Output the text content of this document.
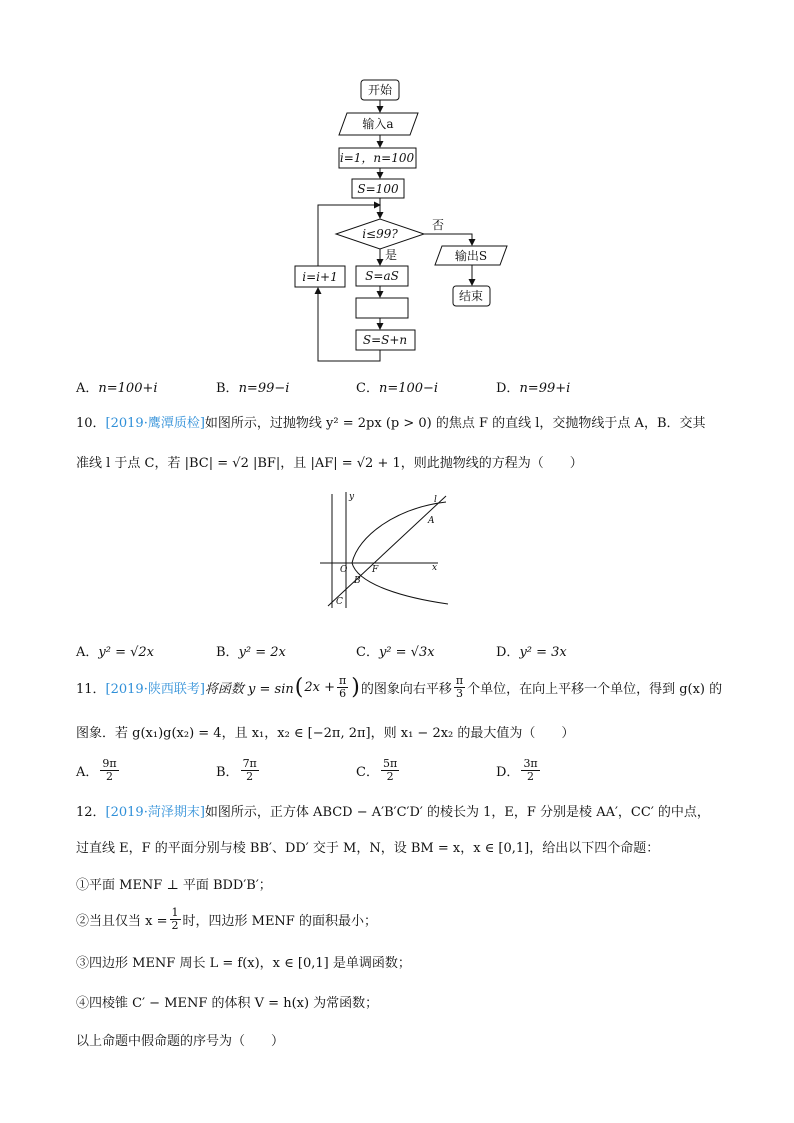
开始
输入a
i=1，n=100
S=100
i≤99?
否
是	输出S
结束
S=aS
S=S+n
i=i+1
A．n=100+i	B．n=99−i	C．n=100−i	D．n=99+i
10．[2019·鹰潭质检]如图所示，过抛物线 y² = 2px (p > 0) 的焦点 F 的直线 l，交抛物线于点 A，B．交其
准线 l 于点 C，若 |BC| = √2 |BF|，且 |AF| = √2 + 1，则此抛物线的方程为（　　）
y
x
O	F
A
B
C
l
A．y² = √2x	B．y² = 2x	C．y² = √3x	D．y² = 3x
11． [2019·陕西联考] 将函数 y = sin ( $2x + \frac{\pi}{6}$ ) 的图象向右平移 $\frac{\pi}{3}$ 个单位，在向上平移一个单位，得到 g(x) 的
图象．若 g(x₁)g(x₂) = 4，且 x₁，x₂ ∈ [−2π, 2π]，则 x₁ − 2x₂ 的最大值为（　　）
A． $\frac{9\pi}{2}$	B． $\frac{7\pi}{2}$	C． $\frac{5\pi}{2}$	D． $\frac{3\pi}{2}$
12．[2019·菏泽期末]如图所示，正方体 ABCD − A′B′C′D′ 的棱长为 1，E，F 分别是棱 AA′，CC′ 的中点，
过直线 E，F 的平面分别与棱 BB′、DD′ 交于 M，N，设 BM = x，x ∈ [0,1]，给出以下四个命题：
①平面 MENF ⊥ 平面 BDD′B′；
②当且仅当 $x = \frac{1}{2}$ 时，四边形 MENF 的面积最小；
③四边形 MENF 周长 L = f(x)，x ∈ [0,1] 是单调函数；
④四棱锥 C′ − MENF 的体积 V = h(x) 为常函数；
以上命题中假命题的序号为（　　）
